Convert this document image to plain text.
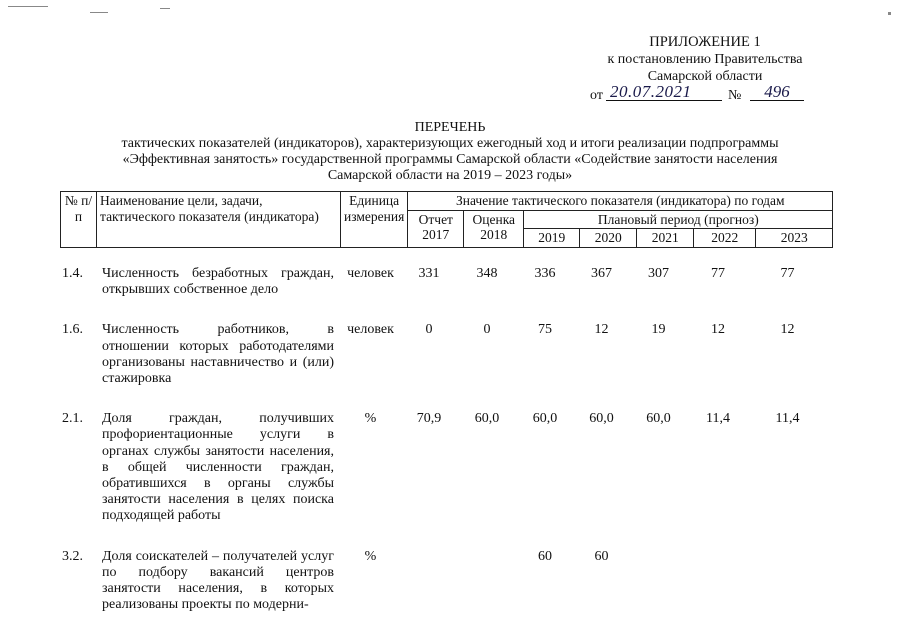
ПРИЛОЖЕНИЕ 1
к постановлению Правительства
Самарской области
от 20.07.2021	№	496
ПЕРЕЧЕНЬ
тактических показателей (индикаторов), характеризующих ежегодный ход и итоги реализации подпрограммы
«Эффективная занятость» государственной программы Самарской области «Содействие занятости населения
Самарской области на 2019 – 2023 годы»
№ п/п	Наименование цели, задачи, тактического показателя (индикатора)	Единица измерения	Значение тактического показателя (индикатора) по годам						
			Отчет 2017	Оценка 2018	Плановый период (прогноз)				
					2019	2020	2021	2022	2023
1.4.	Численность безработных граждан, открывших собственное дело	человек	331	348	336	367	307	77	77

1.6.	Численность работников, в отношении которых работодателями организованы наставничество и (или) стажировка	человек	0	0	75	12	19	12	12

2.1.	Доля граждан, получивших профориентационные услуги в органах службы занятости населения, в общей численности граждан, обратившихся в органы службы занятости населения в целях поиска подходящей работы	%	70,9	60,0	60,0	60,0	60,0	11,4	11,4

3.2.	Доля соискателей – получателей услуг по подбору вакансий центров занятости населения, в которых реализованы проекты по модерни-	%			60	60			
